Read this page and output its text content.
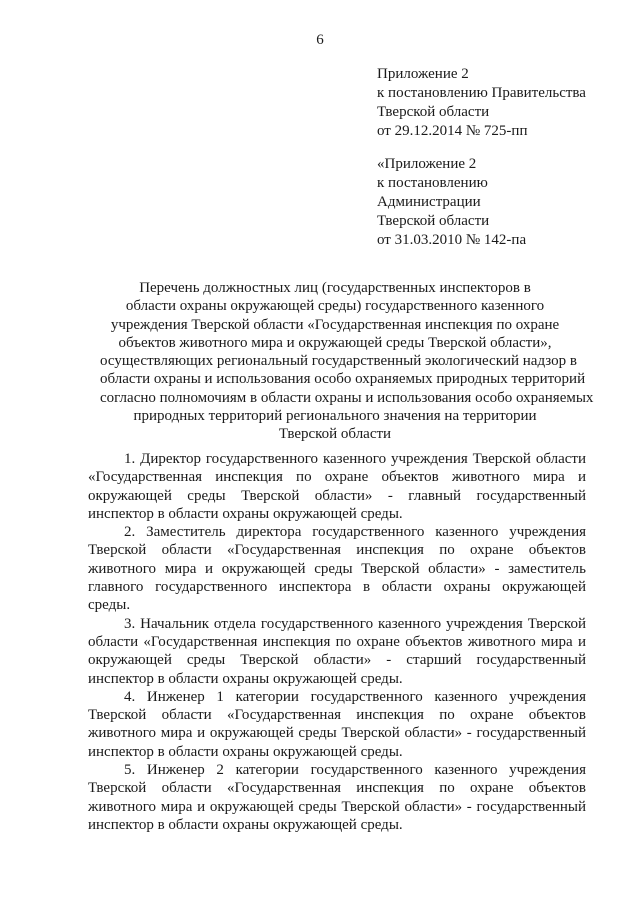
6
Приложение 2
к постановлению Правительства
Тверской области
от 29.12.2014 № 725-пп
«Приложение 2
к постановлению
Администрации
Тверской области
от 31.03.2010 № 142-па
Перечень должностных лиц (государственных инспекторов в
области охраны окружающей среды) государственного казенного
учреждения Тверской области «Государственная инспекция по охране
объектов животного мира и окружающей среды Тверской области»,
осуществляющих региональный государственный экологический надзор в
области охраны и использования особо охраняемых природных территорий
согласно полномочиям в области охраны и использования особо охраняемых
природных территорий регионального значения на территории
Тверской области
1. Директор государственного казенного учреждения Тверской области
«Государственная инспекция по охране объектов животного мира и
окружающей среды Тверской области» - главный государственный
инспектор в области охраны окружающей среды.
2. Заместитель директора государственного казенного учреждения
Тверской области «Государственная инспекция по охране объектов
животного мира и окружающей среды Тверской области» - заместитель
главного государственного инспектора в области охраны окружающей
среды.
3. Начальник отдела государственного казенного учреждения Тверской
области «Государственная инспекция по охране объектов животного мира и
окружающей среды Тверской области» - старший государственный
инспектор в области охраны окружающей среды.
4. Инженер 1 категории государственного казенного учреждения
Тверской области «Государственная инспекция по охране объектов
животного мира и окружающей среды Тверской области» - государственный
инспектор в области охраны окружающей среды.
5. Инженер 2 категории государственного казенного учреждения
Тверской области «Государственная инспекция по охране объектов
животного мира и окружающей среды Тверской области» - государственный
инспектор в области охраны окружающей среды.
